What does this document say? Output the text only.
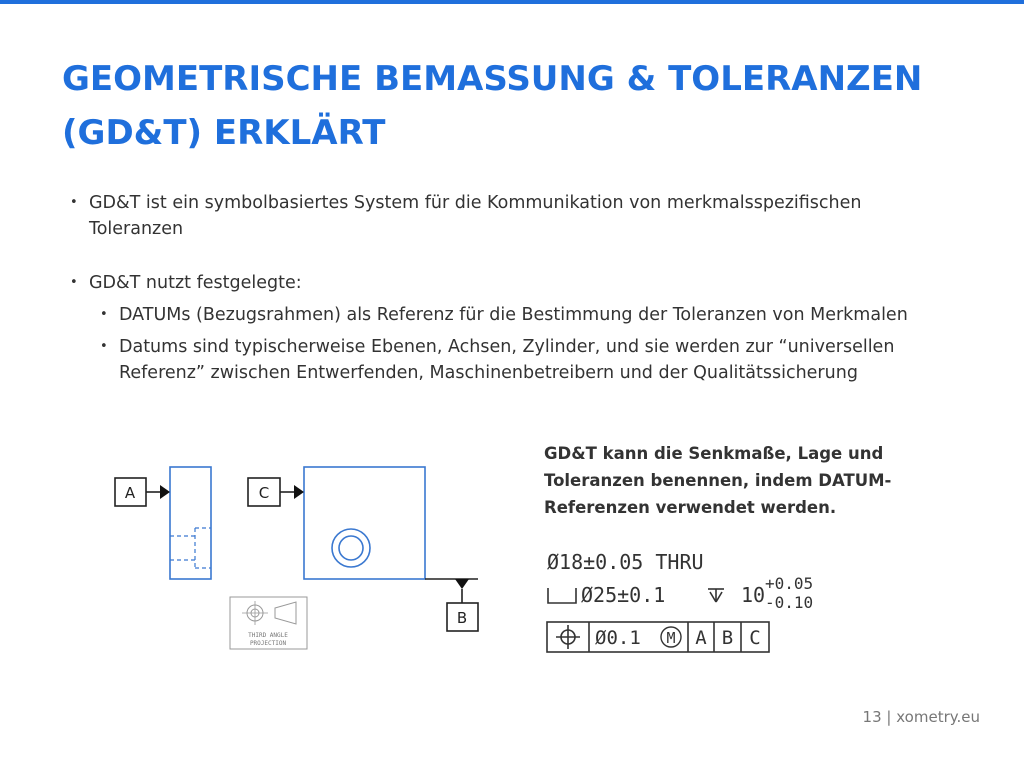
GEOMETRISCHE BEMASSUNG & TOLERANZEN
(GD&T) ERKLÄRT
• GD&T ist ein symbolbasiertes System für die Kommunikation von merkmalsspezifischen Toleranzen
• GD&T nutzt festgelegte:
• DATUMs (Bezugsrahmen) als Referenz für die Bestimmung der Toleranzen von Merkmalen
• Datums sind typischerweise Ebenen, Achsen, Zylinder, und sie werden zur “universellen Referenz” zwischen Entwerfenden, Maschinenbetreibern und der Qualitätssicherung

GD&T kann die Senkmaße, Lage und Toleranzen benennen, indem DATUM-Referenzen verwendet werden.

A	C
B
THIRD ANGLE
PROJECTION
Ø18±0.05 THRU
Ø25±0.1	10 +0.05
-0.10
Ø0.1 M A B C
13 | xometry.eu
